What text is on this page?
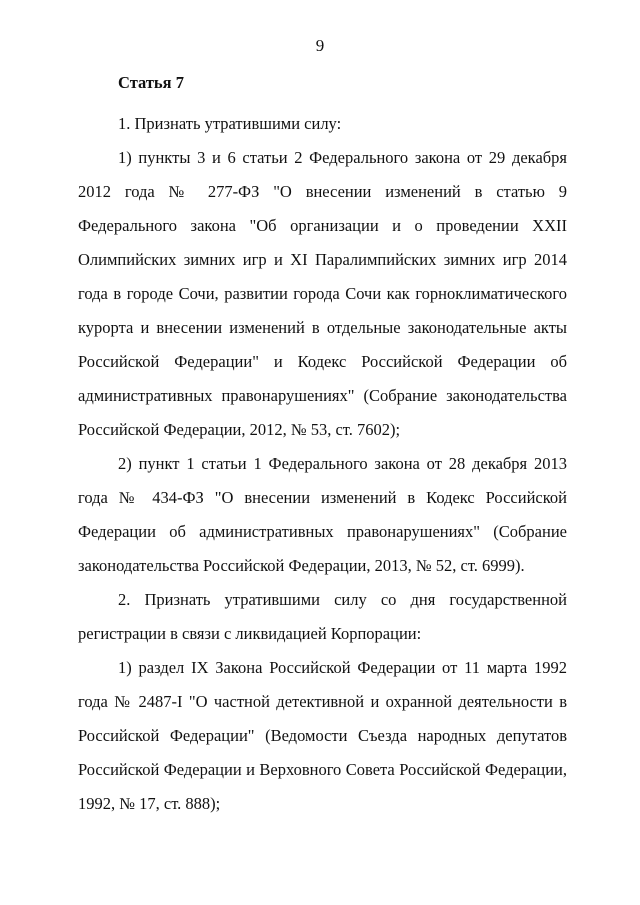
9
Статья 7

1. Признать утратившими силу:

1) пункты 3 и 6 статьи 2 Федерального закона от 29 декабря 2012 года № 277-ФЗ "О внесении изменений в статью 9 Федерального закона "Об организации и о проведении XXII Олимпийских зимних игр и XI Паралимпийских зимних игр 2014 года в городе Сочи, развитии города Сочи как горноклиматического курорта и внесении изменений в отдельные законодательные акты Российской Федерации" и Кодекс Российской Федерации об административных правонарушениях" (Собрание законодательства Российской Федерации, 2012, № 53, ст. 7602);

2) пункт 1 статьи 1 Федерального закона от 28 декабря 2013 года № 434-ФЗ "О внесении изменений в Кодекс Российской Федерации об административных правонарушениях" (Собрание законодательства Российской Федерации, 2013, № 52, ст. 6999).

2. Признать утратившими силу со дня государственной регистрации в связи с ликвидацией Корпорации:

1) раздел IX Закона Российской Федерации от 11 марта 1992 года № 2487-I "О частной детективной и охранной деятельности в Российской Федерации" (Ведомости Съезда народных депутатов Российской Федерации и Верховного Совета Российской Федерации, 1992, № 17, ст. 888);
